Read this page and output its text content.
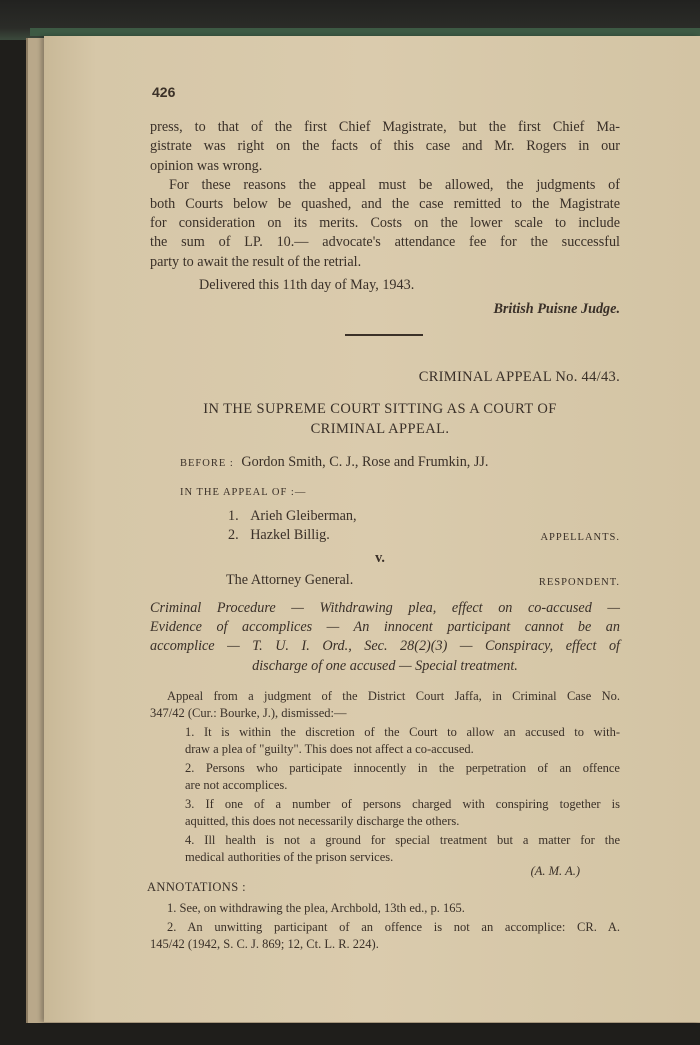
426
press, to that of the first Chief Magistrate, but the first Chief Ma-
gistrate was right on the facts of this case and Mr. Rogers in our
opinion was wrong.
For these reasons the appeal must be allowed, the judgments of
both Courts below be quashed, and the case remitted to the Magistrate
for consideration on its merits. Costs on the lower scale to include
the sum of LP. 10.— advocate's attendance fee for the successful
party to await the result of the retrial.
Delivered this 11th day of May, 1943.
British Puisne Judge.
CRIMINAL APPEAL No. 44/43.
IN THE SUPREME COURT SITTING AS A COURT OF
CRIMINAL APPEAL.
BEFORE : Gordon Smith, C. J., Rose and Frumkin, JJ.
IN THE APPEAL OF :—
1. Arieh Gleiberman,
2. Hazkel Billig.	APPELLANTS.
v.
The Attorney General.	RESPONDENT.
Criminal Procedure — Withdrawing plea, effect on co-accused —
Evidence of accomplices — An innocent participant cannot be an
accomplice — T. U. I. Ord., Sec. 28(2)(3) — Conspiracy, effect of
discharge of one accused — Special treatment.
Appeal from a judgment of the District Court Jaffa, in Criminal Case No.
347/42 (Cur.: Bourke, J.), dismissed:—
1. It is within the discretion of the Court to allow an accused to with-
draw a plea of "guilty". This does not affect a co-accused.
2. Persons who participate innocently in the perpetration of an offence
are not accomplices.
3. If one of a number of persons charged with conspiring together is
aquitted, this does not necessarily discharge the others.
4. Ill health is not a ground for special treatment but a matter for the
medical authorities of the prison services.
(A. M. A.)
ANNOTATIONS :
1. See, on withdrawing the plea, Archbold, 13th ed., p. 165.
2. An unwitting participant of an offence is not an accomplice: CR. A.
145/42 (1942, S. C. J. 869; 12, Ct. L. R. 224).
